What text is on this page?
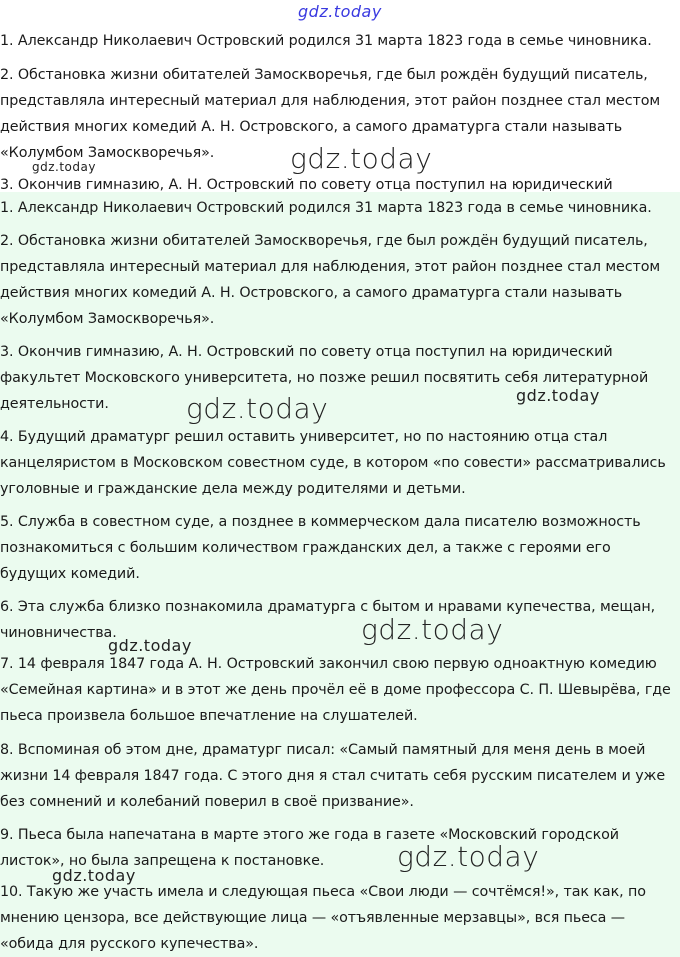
1. Александр Николаевич Островский родился 31 марта 1823 года в семье чиновника.

2. Обстановка жизни обитателей Замоскворечья, где был рождён будущий писатель, представляла интересный материал для наблюдения, этот район позднее стал местом действия многих комедий А. Н. Островского, а самого драматурга стали называть «Колумбом Замоскворечья».

3. Окончив гимназию, А. Н. Островский по совету отца поступил на юридический

1. Александр Николаевич Островский родился 31 марта 1823 года в семье чиновника.

2. Обстановка жизни обитателей Замоскворечья, где был рождён будущий писатель, представляла интересный материал для наблюдения, этот район позднее стал местом действия многих комедий А. Н. Островского, а самого драматурга стали называть «Колумбом Замоскворечья».

3. Окончив гимназию, А. Н. Островский по совету отца поступил на юридический факультет Московского университета, но позже решил посвятить себя литературной деятельности.

4. Будущий драматург решил оставить университет, но по настоянию отца стал канцеляристом в Московском совестном суде, в котором «по совести» рассматривались уголовные и гражданские дела между родителями и детьми.

5. Служба в совестном суде, а позднее в коммерческом дала писателю возможность познакомиться с большим количеством гражданских дел, а также с героями его будущих комедий.

6. Эта служба близко познакомила драматурга с бытом и нравами купечества, мещан, чиновничества.

7. 14 февраля 1847 года А. Н. Островский закончил свою первую одноактную комедию «Семейная картина» и в этот же день прочёл её в доме профессора С. П. Шевырёва, где пьеса произвела большое впечатление на слушателей.

8. Вспоминая об этом дне, драматург писал: «Самый памятный для меня день в моей жизни 14 февраля 1847 года. С этого дня я стал считать себя русским писателем и уже без сомнений и колебаний поверил в своё призвание».

9. Пьеса была напечатана в марте этого же года в газете «Московский городской листок», но была запрещена к постановке.

10. Такую же участь имела и следующая пьеса «Свои люди — сочтёмся!», так как, по мнению цензора, все действующие лица — «отъявленные мерзавцы», вся пьеса — «обида для русского купечества».

gdz.today
gdz.today
gdz.today
gdz.today	gdz.today
gdz.today
gdz.today
gdz.today
gdz.today
